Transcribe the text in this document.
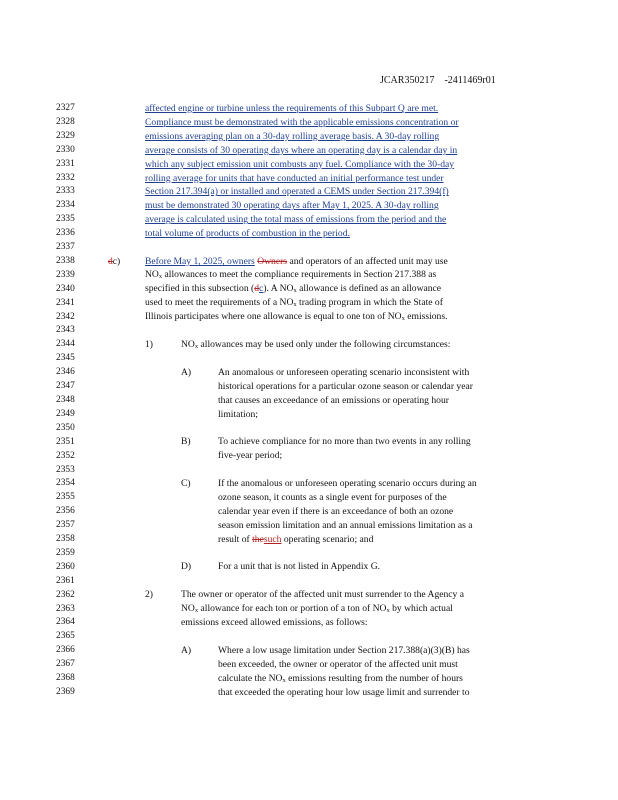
JCAR350217 -2411469r01
2327
2328
2329
2330
2331
2332
2333
2334
2335
2336
2337
2338
2339
2340
2341
2342
2343
2344
2345
2346
2347
2348
2349
2350
2351
2352
2353
2354
2355
2356
2357
2358
2359
2360
2361
2362
2363
2364
2365
2366
2367
2368
2369
affected engine or turbine unless the requirements of this Subpart Q are met.
Compliance must be demonstrated with the applicable emissions concentration or
emissions averaging plan on a 30-day rolling average basis. A 30-day rolling
average consists of 30 operating days where an operating day is a calendar day in
which any subject emission unit combusts any fuel. Compliance with the 30-day
rolling average for units that have conducted an initial performance test under
Section 217.394(a) or installed and operated a CEMS under Section 217.394(f)
must be demonstrated 30 operating days after May 1, 2025. A 30-day rolling
average is calculated using the total mass of emissions from the period and the
total volume of products of combustion in the period.
dc)	Before May 1, 2025, owners Owners and operators of an affected unit may use
$NO_x$ allowances to meet the compliance requirements in Section 217.388 as
specified in this subsection (dc). A $NO_x$ allowance is defined as an allowance
used to meet the requirements of a $NO_x$ trading program in which the State of
Illinois participates where one allowance is equal to one ton of $NO_x$ emissions.
1)	$NO_x$ allowances may be used only under the following circumstances:
A)	An anomalous or unforeseen operating scenario inconsistent with
historical operations for a particular ozone season or calendar year
that causes an exceedance of an emissions or operating hour
limitation;
B)	To achieve compliance for no more than two events in any rolling
five-year period;
C)	If the anomalous or unforeseen operating scenario occurs during an
ozone season, it counts as a single event for purposes of the
calendar year even if there is an exceedance of both an ozone
season emission limitation and an annual emissions limitation as a
result of thesuch operating scenario; and
D)	For a unit that is not listed in Appendix G.
2)	The owner or operator of the affected unit must surrender to the Agency a
$NO_x$ allowance for each ton or portion of a ton of $NO_x$ by which actual
emissions exceed allowed emissions, as follows:
A)	Where a low usage limitation under Section 217.388(a)(3)(B) has
been exceeded, the owner or operator of the affected unit must
calculate the $NO_x$ emissions resulting from the number of hours
that exceeded the operating hour low usage limit and surrender to
